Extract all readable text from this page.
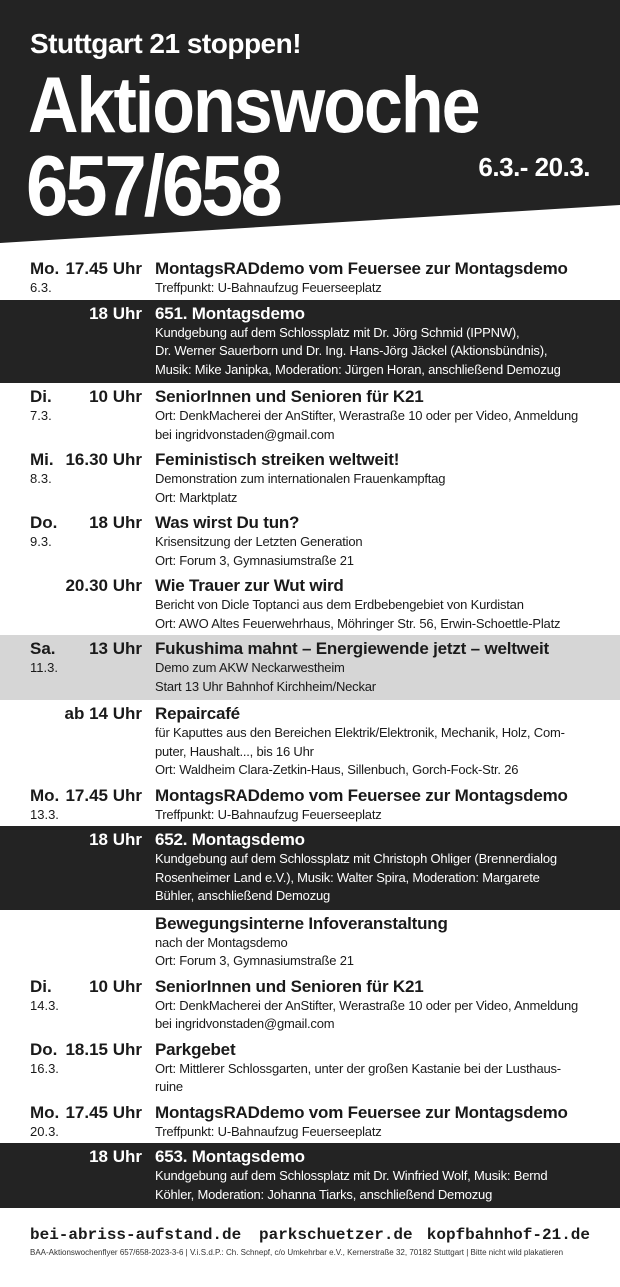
Stuttgart 21 stoppen!
Aktionswoche
657/658	6.3.- 20.3.
Mo. 17.45 Uhr
6.3.
MontagsRADdemo vom Feuersee zur Montagsdemo
Treffpunkt: U-Bahnaufzug Feuerseeplatz
18 Uhr 651. Montagsdemo
Kundgebung auf dem Schlossplatz mit Dr. Jörg Schmid (IPPNW),
Dr. Werner Sauerborn und Dr. Ing. Hans-Jörg Jäckel (Aktionsbündnis),
Musik: Mike Janipka, Moderation: Jürgen Horan, anschließend Demozug
Di. 10 Uhr
7.3.
SeniorInnen und Senioren für K21
Ort: DenkMacherei der AnStifter, Werastraße 10 oder per Video, Anmeldung
bei ingridvonstaden@gmail.com
Mi. 16.30 Uhr
8.3.
Feministisch streiken weltweit!
Demonstration zum internationalen Frauenkampftag
Ort: Marktplatz
Do. 18 Uhr
9.3.
Was wirst Du tun?
Krisensitzung der Letzten Generation
Ort: Forum 3, Gymnasiumstraße 21
20.30 Uhr Wie Trauer zur Wut wird
Bericht von Dicle Toptanci aus dem Erdbebengebiet von Kurdistan
Ort: AWO Altes Feuerwehrhaus, Möhringer Str. 56, Erwin-Schoettle-Platz
Sa. 13 Uhr
11.3.
Fukushima mahnt – Energiewende jetzt – weltweit
Demo zum AKW Neckarwestheim
Start 13 Uhr Bahnhof Kirchheim/Neckar
ab 14 Uhr Repaircafé
für Kaputtes aus den Bereichen Elektrik/Elektronik, Mechanik, Holz, Com-
puter, Haushalt..., bis 16 Uhr
Ort: Waldheim Clara-Zetkin-Haus, Sillenbuch, Gorch-Fock-Str. 26
Mo. 17.45 Uhr
13.3.
MontagsRADdemo vom Feuersee zur Montagsdemo
Treffpunkt: U-Bahnaufzug Feuerseeplatz
18 Uhr 652. Montagsdemo
Kundgebung auf dem Schlossplatz mit Christoph Ohliger (Brennerdialog
Rosenheimer Land e.V.), Musik: Walter Spira, Moderation: Margarete
Bühler, anschließend Demozug
Bewegungsinterne Infoveranstaltung
nach der Montagsdemo
Ort: Forum 3, Gymnasiumstraße 21
Di. 10 Uhr
14.3.
SeniorInnen und Senioren für K21
Ort: DenkMacherei der AnStifter, Werastraße 10 oder per Video, Anmeldung
bei ingridvonstaden@gmail.com
Do. 18.15 Uhr
16.3.
Parkgebet
Ort: Mittlerer Schlossgarten, unter der großen Kastanie bei der Lusthaus-
ruine
Mo. 17.45 Uhr
20.3.
MontagsRADdemo vom Feuersee zur Montagsdemo
Treffpunkt: U-Bahnaufzug Feuerseeplatz
18 Uhr 653. Montagsdemo
Kundgebung auf dem Schlossplatz mit Dr. Winfried Wolf, Musik: Bernd
Köhler, Moderation: Johanna Tiarks, anschließend Demozug
bei-abriss-aufstand.de parkschuetzer.de kopfbahnhof-21.de
BAA-Aktionswochenflyer 657/658-2023-3-6 | V.i.S.d.P.: Ch. Schnepf, c/o Umkehrbar e.V., Kernerstraße 32, 70182 Stuttgart | Bitte nicht wild plakatieren
